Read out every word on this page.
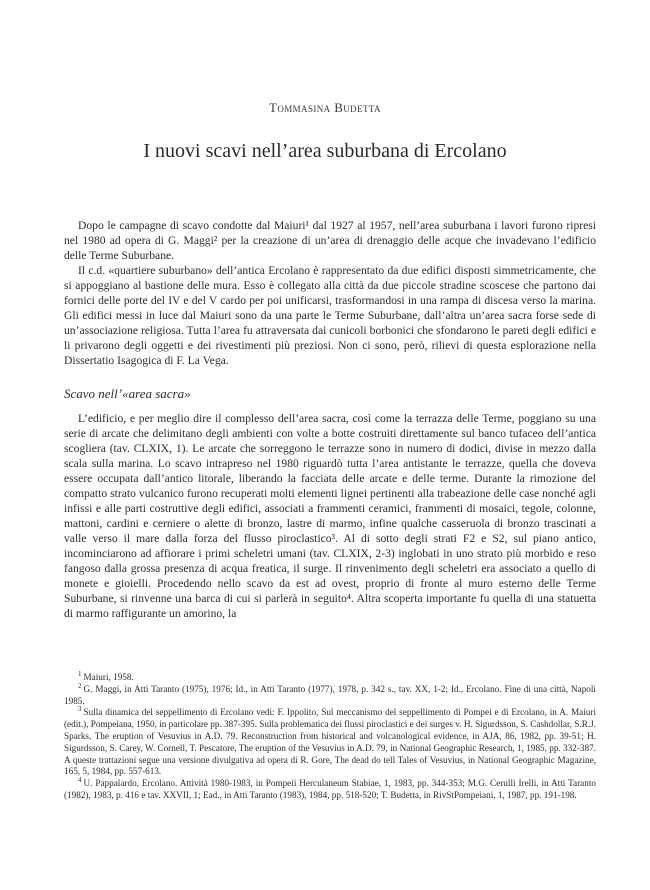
Tommasina Budetta
I nuovi scavi nell’area suburbana di Ercolano

Dopo le campagne di scavo condotte dal Maiuri¹ dal 1927 al 1957, nell’area suburbana i lavori furono ripresi nel 1980 ad opera di G. Maggi² per la creazione di un’area di drenaggio delle acque che invadevano l’edificio delle Terme Suburbane.

Il c.d. «quartiere suburbano» dell’antica Ercolano è rappresentato da due edifici disposti simmetricamente, che si appoggiano al bastione delle mura. Esso è collegato alla città da due piccole stradine scoscese che partono dai fornici delle porte del IV e del V cardo per poi unificarsi, trasformandosi in una rampa di discesa verso la marina. Gli edifici messi in luce dal Maiuri sono da una parte le Terme Suburbane, dall’altra un’area sacra forse sede di un’associazione religiosa. Tutta l’area fu attraversata dai cunicoli borbonici che sfondarono le pareti degli edifici e li privarono degli oggetti e dei rivestimenti più preziosi. Non ci sono, però, rilievi di questa esplorazione nella Dissertatio Isagogica di F. La Vega.

Scavo nell’«area sacra»

L’edificio, e per meglio dire il complesso dell’area sacra, così come la terrazza delle Terme, poggiano su una serie di arcate che delimitano degli ambienti con volte a botte costruiti direttamente sul banco tufaceo dell’antica scogliera (tav. CLXIX, 1). Le arcate che sorreggono le terrazze sono in numero di dodici, divise in mezzo dalla scala sulla marina. Lo scavo intrapreso nel 1980 riguardò tutta l’area antistante le terrazze, quella che doveva essere occupata dall’antico litorale, liberando la facciata delle arcate e delle terme. Durante la rimozione del compatto strato vulcanico furono recuperati molti elementi lignei pertinenti alla trabeazione delle case nonché agli infissi e alle parti costruttive degli edifici, associati a frammenti ceramici, frammenti di mosaici, tegole, colonne, mattoni, cardini e cerniere o alette di bronzo, lastre di marmo, infine qualche casseruola di bronzo trascinati a valle verso il mare dalla forza del flusso piroclastico³. Al di sotto degli strati F2 e S2, sul piano antico, incominciarono ad affiorare i primi scheletri umani (tav. CLXIX, 2-3) inglobati in uno strato più morbido e reso fangoso dalla grossa presenza di acqua freatica, il surge. Il rinvenimento degli scheletri era associato a quello di monete e gioielli. Procedendo nello scavo da est ad ovest, proprio di fronte al muro esterno delle Terme Suburbane, si rinvenne una barca di cui si parlerà in seguito⁴. Altra scoperta importante fu quella di una statuetta di marmo raffigurante un amorino, la

$^1$ Maiuri, 1958.

$^2$ G. Maggi, in Atti Taranto (1975), 1976; Id., in Atti Taranto (1977), 1978, p. 342 s., tav. XX, 1-2; Id., Ercolano. Fine di una città, Napoli 1985.

$^3$ Sulla dinamica del seppellimento di Ercolano vedi: F. Ippolito, Sul meccanismo del seppellimento di Pompei e di Ercolano, in A. Maiuri (edit.), Pompeiana, 1950, in particolare pp. 387-395. Sulla problematica dei flussi piroclastici e dei surges v. H. Sigurdsson, S. Cashdollar, S.R.J. Sparks, The eruption of Vesuvius in A.D. 79. Reconstruction from historical and volcanological evidence, in AJA, 86, 1982, pp. 39-51; H. Sigurdsson, S. Carey, W. Cornell, T. Pescatore, The eruption of the Vesuvius in A.D. 79, in National Geographic Research, 1, 1985, pp. 332-387. A queste trattazioni segue una versione divulgativa ad opera di R. Gore, The dead do tell Tales of Vesuvius, in National Geographic Magazine, 165, 5, 1984, pp. 557-613.

$^4$ U. Pappalardo, Ercolano. Attività 1980-1983, in Pompeii Herculaneum Stabiae, 1, 1983, pp. 344-353; M.G. Cerulli Irelli, in Atti Taranto (1982), 1983, p. 416 e tav. XXVII, 1; Ead., in Atti Taranto (1983), 1984, pp. 518-520; T. Budetta, in RivStPompeiani, 1, 1987, pp. 191-198.
